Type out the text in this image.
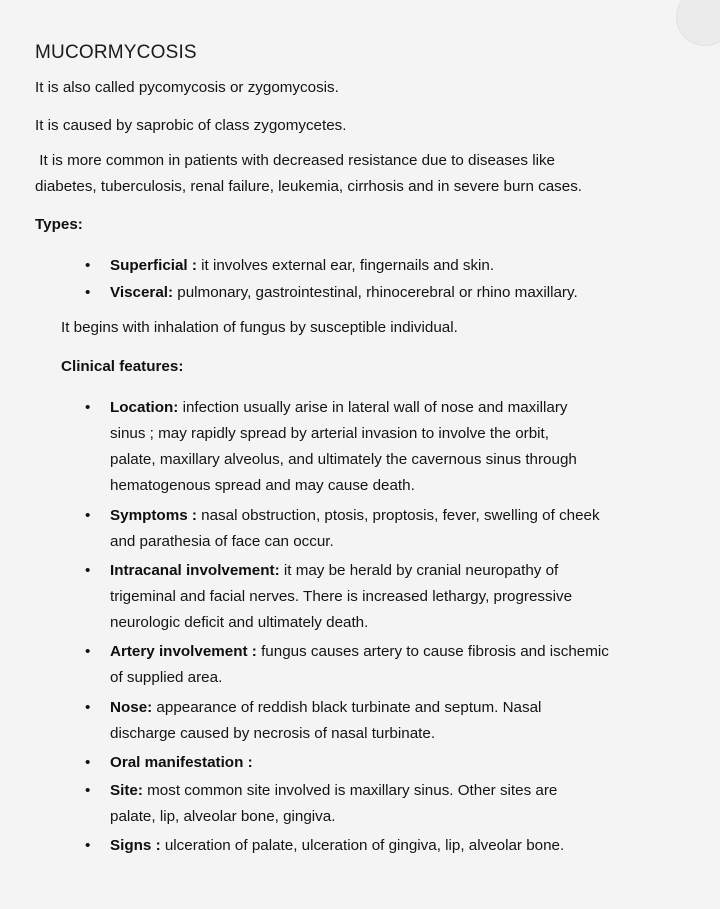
MUCORMYCOSIS
It is also called pycomycosis or zygomycosis.
It is caused by saprobic of class zygomycetes.
It is more common in patients with decreased resistance due to diseases like
diabetes, tuberculosis, renal failure, leukemia, cirrhosis and in severe burn cases.
Types:
• Superficial : it involves external ear, fingernails and skin.
• Visceral: pulmonary, gastrointestinal, rhinocerebral or rhino maxillary.
It begins with inhalation of fungus by susceptible individual.
Clinical features:
• Location: infection usually arise in lateral wall of nose and maxillary
sinus ; may rapidly spread by arterial invasion to involve the orbit,
palate, maxillary alveolus, and ultimately the cavernous sinus through
hematogenous spread and may cause death.
• Symptoms : nasal obstruction, ptosis, proptosis, fever, swelling of cheek
and parathesia of face can occur.
• Intracanal involvement: it may be herald by cranial neuropathy of
trigeminal and facial nerves. There is increased lethargy, progressive
neurologic deficit and ultimately death.
• Artery involvement : fungus causes artery to cause fibrosis and ischemic
of supplied area.
• Nose: appearance of reddish black turbinate and septum. Nasal
discharge caused by necrosis of nasal turbinate.
• Oral manifestation :
• Site: most common site involved is maxillary sinus. Other sites are
palate, lip, alveolar bone, gingiva.
• Signs : ulceration of palate, ulceration of gingiva, lip, alveolar bone.
